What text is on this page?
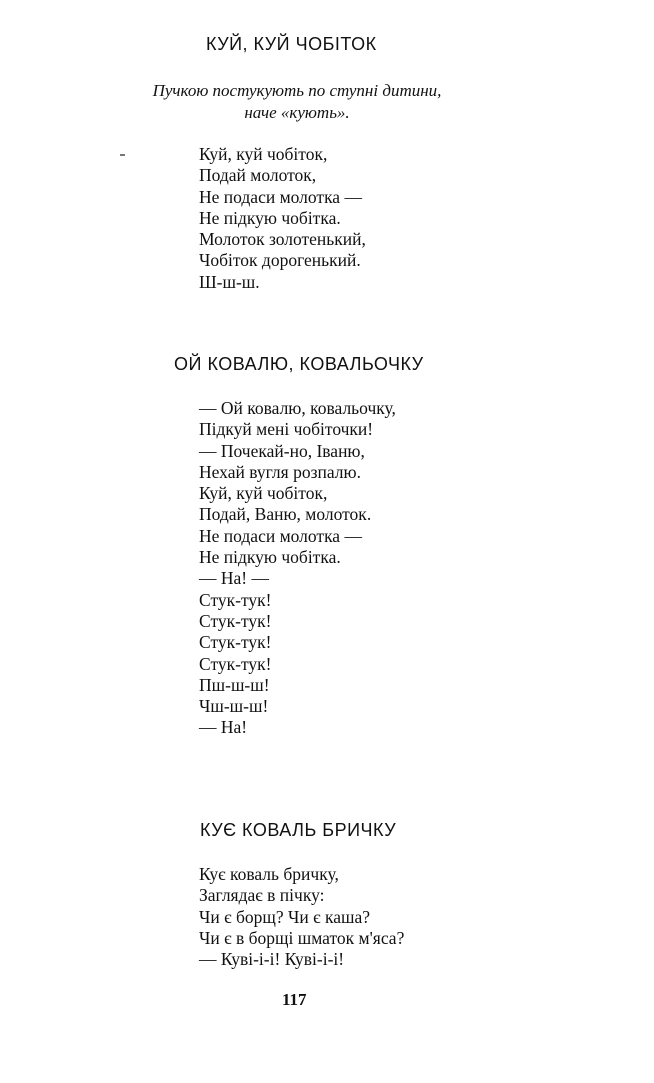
КУЙ, КУЙ ЧОБІТОК
Пучкою постукують по ступні дитини,
наче «кують».
Куй, куй чобіток,
Подай молоток,
Не подаси молотка —
Не підкую чобітка.
Молоток золотенький,
Чобіток дорогенький.
Ш-ш-ш.
ОЙ КОВАЛЮ, КОВАЛЬОЧКУ
— Ой ковалю, ковальочку,
Підкуй мені чобіточки!
— Почекай-но, Іваню,
Нехай вугля розпалю.
Куй, куй чобіток,
Подай, Ваню, молоток.
Не подаси молотка —
Не підкую чобітка.
— На! —
Стук-тук!
Стук-тук!
Стук-тук!
Стук-тук!
Пш-ш-ш!
Чш-ш-ш!
— На!
КУЄ КОВАЛЬ БРИЧКУ
Кує коваль бричку,
Заглядає в пічку:
Чи є борщ? Чи є каша?
Чи є в борщі шматок м'яса?
— Куві-і-і! Куві-і-і!
117
